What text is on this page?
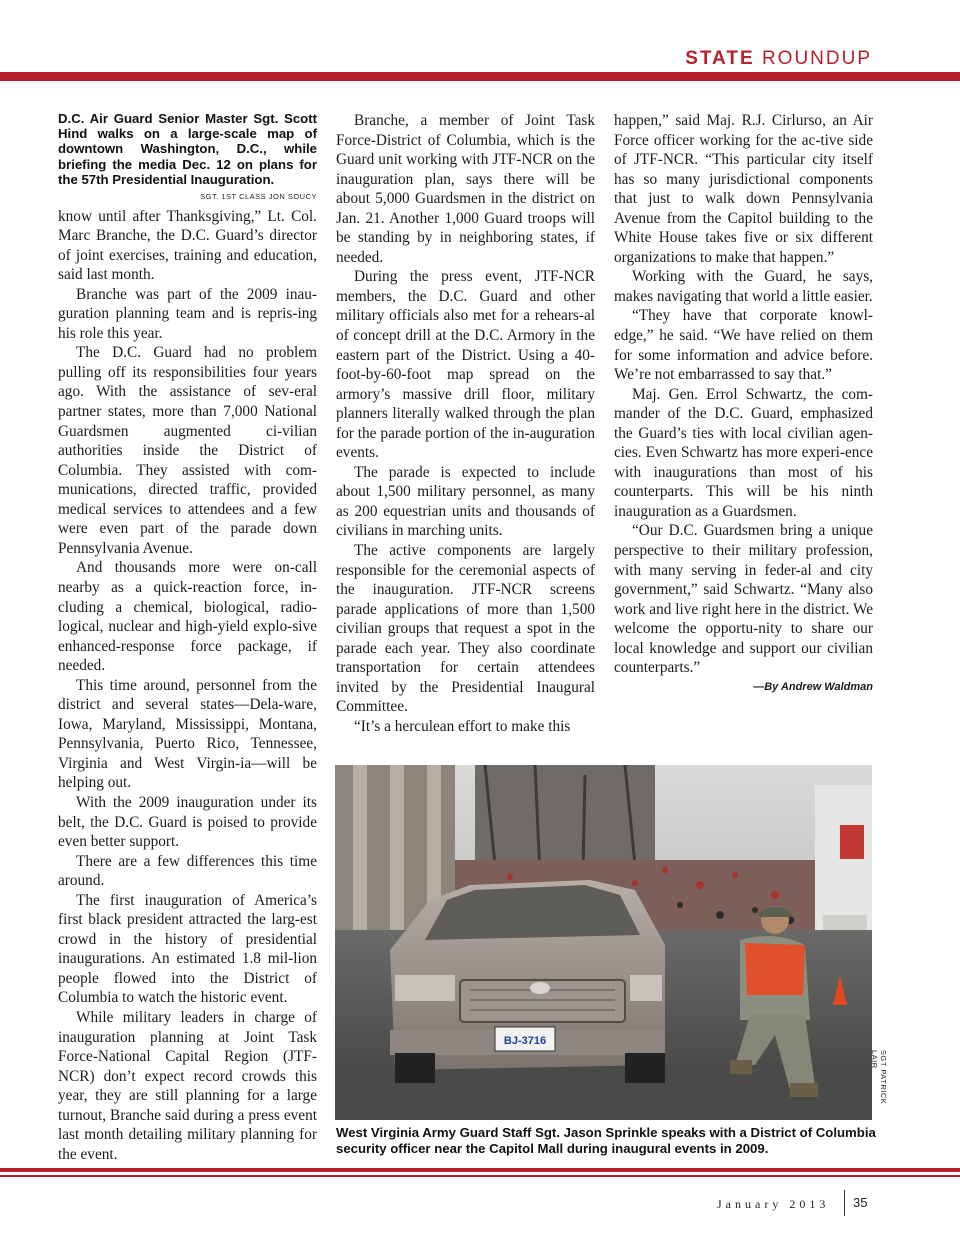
STATE ROUNDUP

D.C. Air Guard Senior Master Sgt. Scott Hind walks on a large-scale map of downtown Washington, D.C., while briefing the media Dec. 12 on plans for the 57th Presidential Inauguration.

SGT. 1ST CLASS JON SOUCY

know until after Thanksgiving,” Lt. Col. Marc Branche, the D.C. Guard’s director of joint exercises, training and education, said last month.

Branche was part of the 2009 inau-guration planning team and is repris-ing his role this year.

The D.C. Guard had no problem pulling off its responsibilities four years ago. With the assistance of sev-eral partner states, more than 7,000 National Guardsmen augmented ci-vilian authorities inside the District of Columbia. They assisted with com-munications, directed traffic, provided medical services to attendees and a few were even part of the parade down Pennsylvania Avenue.

And thousands more were on-call nearby as a quick-reaction force, in-cluding a chemical, biological, radio-logical, nuclear and high-yield explo-sive enhanced-response force package, if needed.

This time around, personnel from the district and several states—Dela-ware, Iowa, Maryland, Mississippi, Montana, Pennsylvania, Puerto Rico, Tennessee, Virginia and West Virgin-ia—will be helping out.

With the 2009 inauguration under its belt, the D.C. Guard is poised to provide even better support.

There are a few differences this time around.

The first inauguration of America’s first black president attracted the larg-est crowd in the history of presidential inaugurations. An estimated 1.8 mil-lion people flowed into the District of Columbia to watch the historic event.

While military leaders in charge of inauguration planning at Joint Task Force-National Capital Region (JTF-NCR) don’t expect record crowds this year, they are still planning for a large turnout, Branche said during a press event last month detailing military planning for the event.

Branche, a member of Joint Task Force-District of Columbia, which is the Guard unit working with JTF-NCR on the inauguration plan, says there will be about 5,000 Guardsmen in the district on Jan. 21. Another 1,000 Guard troops will be standing by in neighboring states, if needed.

During the press event, JTF-NCR members, the D.C. Guard and other military officials also met for a rehears-al of concept drill at the D.C. Armory in the eastern part of the District. Using a 40-foot-by-60-foot map spread on the armory’s massive drill floor, military planners literally walked through the plan for the parade portion of the in-auguration events.

The parade is expected to include about 1,500 military personnel, as many as 200 equestrian units and thousands of civilians in marching units.

The active components are largely responsible for the ceremonial aspects of the inauguration. JTF-NCR screens parade applications of more than 1,500 civilian groups that request a spot in the parade each year. They also coordinate transportation for certain attendees invited by the Presidential Inaugural Committee.

“It’s a herculean effort to make this

happen,” said Maj. R.J. Cirlurso, an Air Force officer working for the ac-tive side of JTF-NCR. “This particular city itself has so many jurisdictional components that just to walk down Pennsylvania Avenue from the Capitol building to the White House takes five or six different organizations to make that happen.”

Working with the Guard, he says, makes navigating that world a little easier.

“They have that corporate knowl-edge,” he said. “We have relied on them for some information and advice before. We’re not embarrassed to say that.”

Maj. Gen. Errol Schwartz, the com-mander of the D.C. Guard, emphasized the Guard’s ties with local civilian agen-cies. Even Schwartz has more experi-ence with inaugurations than most of his counterparts. This will be his ninth inauguration as a Guardsmen.

“Our D.C. Guardsmen bring a unique perspective to their military profession, with many serving in feder-al and city government,” said Schwartz. “Many also work and live right here in the district. We welcome the opportu-nity to share our local knowledge and support our civilian counterparts.”

—By Andrew Waldman

BJ-3716
SGT PATRICK LAIR
West Virginia Army Guard Staff Sgt. Jason Sprinkle speaks with a District of Columbia security officer near the Capitol Mall during inaugural events in 2009.
January 2013 35
